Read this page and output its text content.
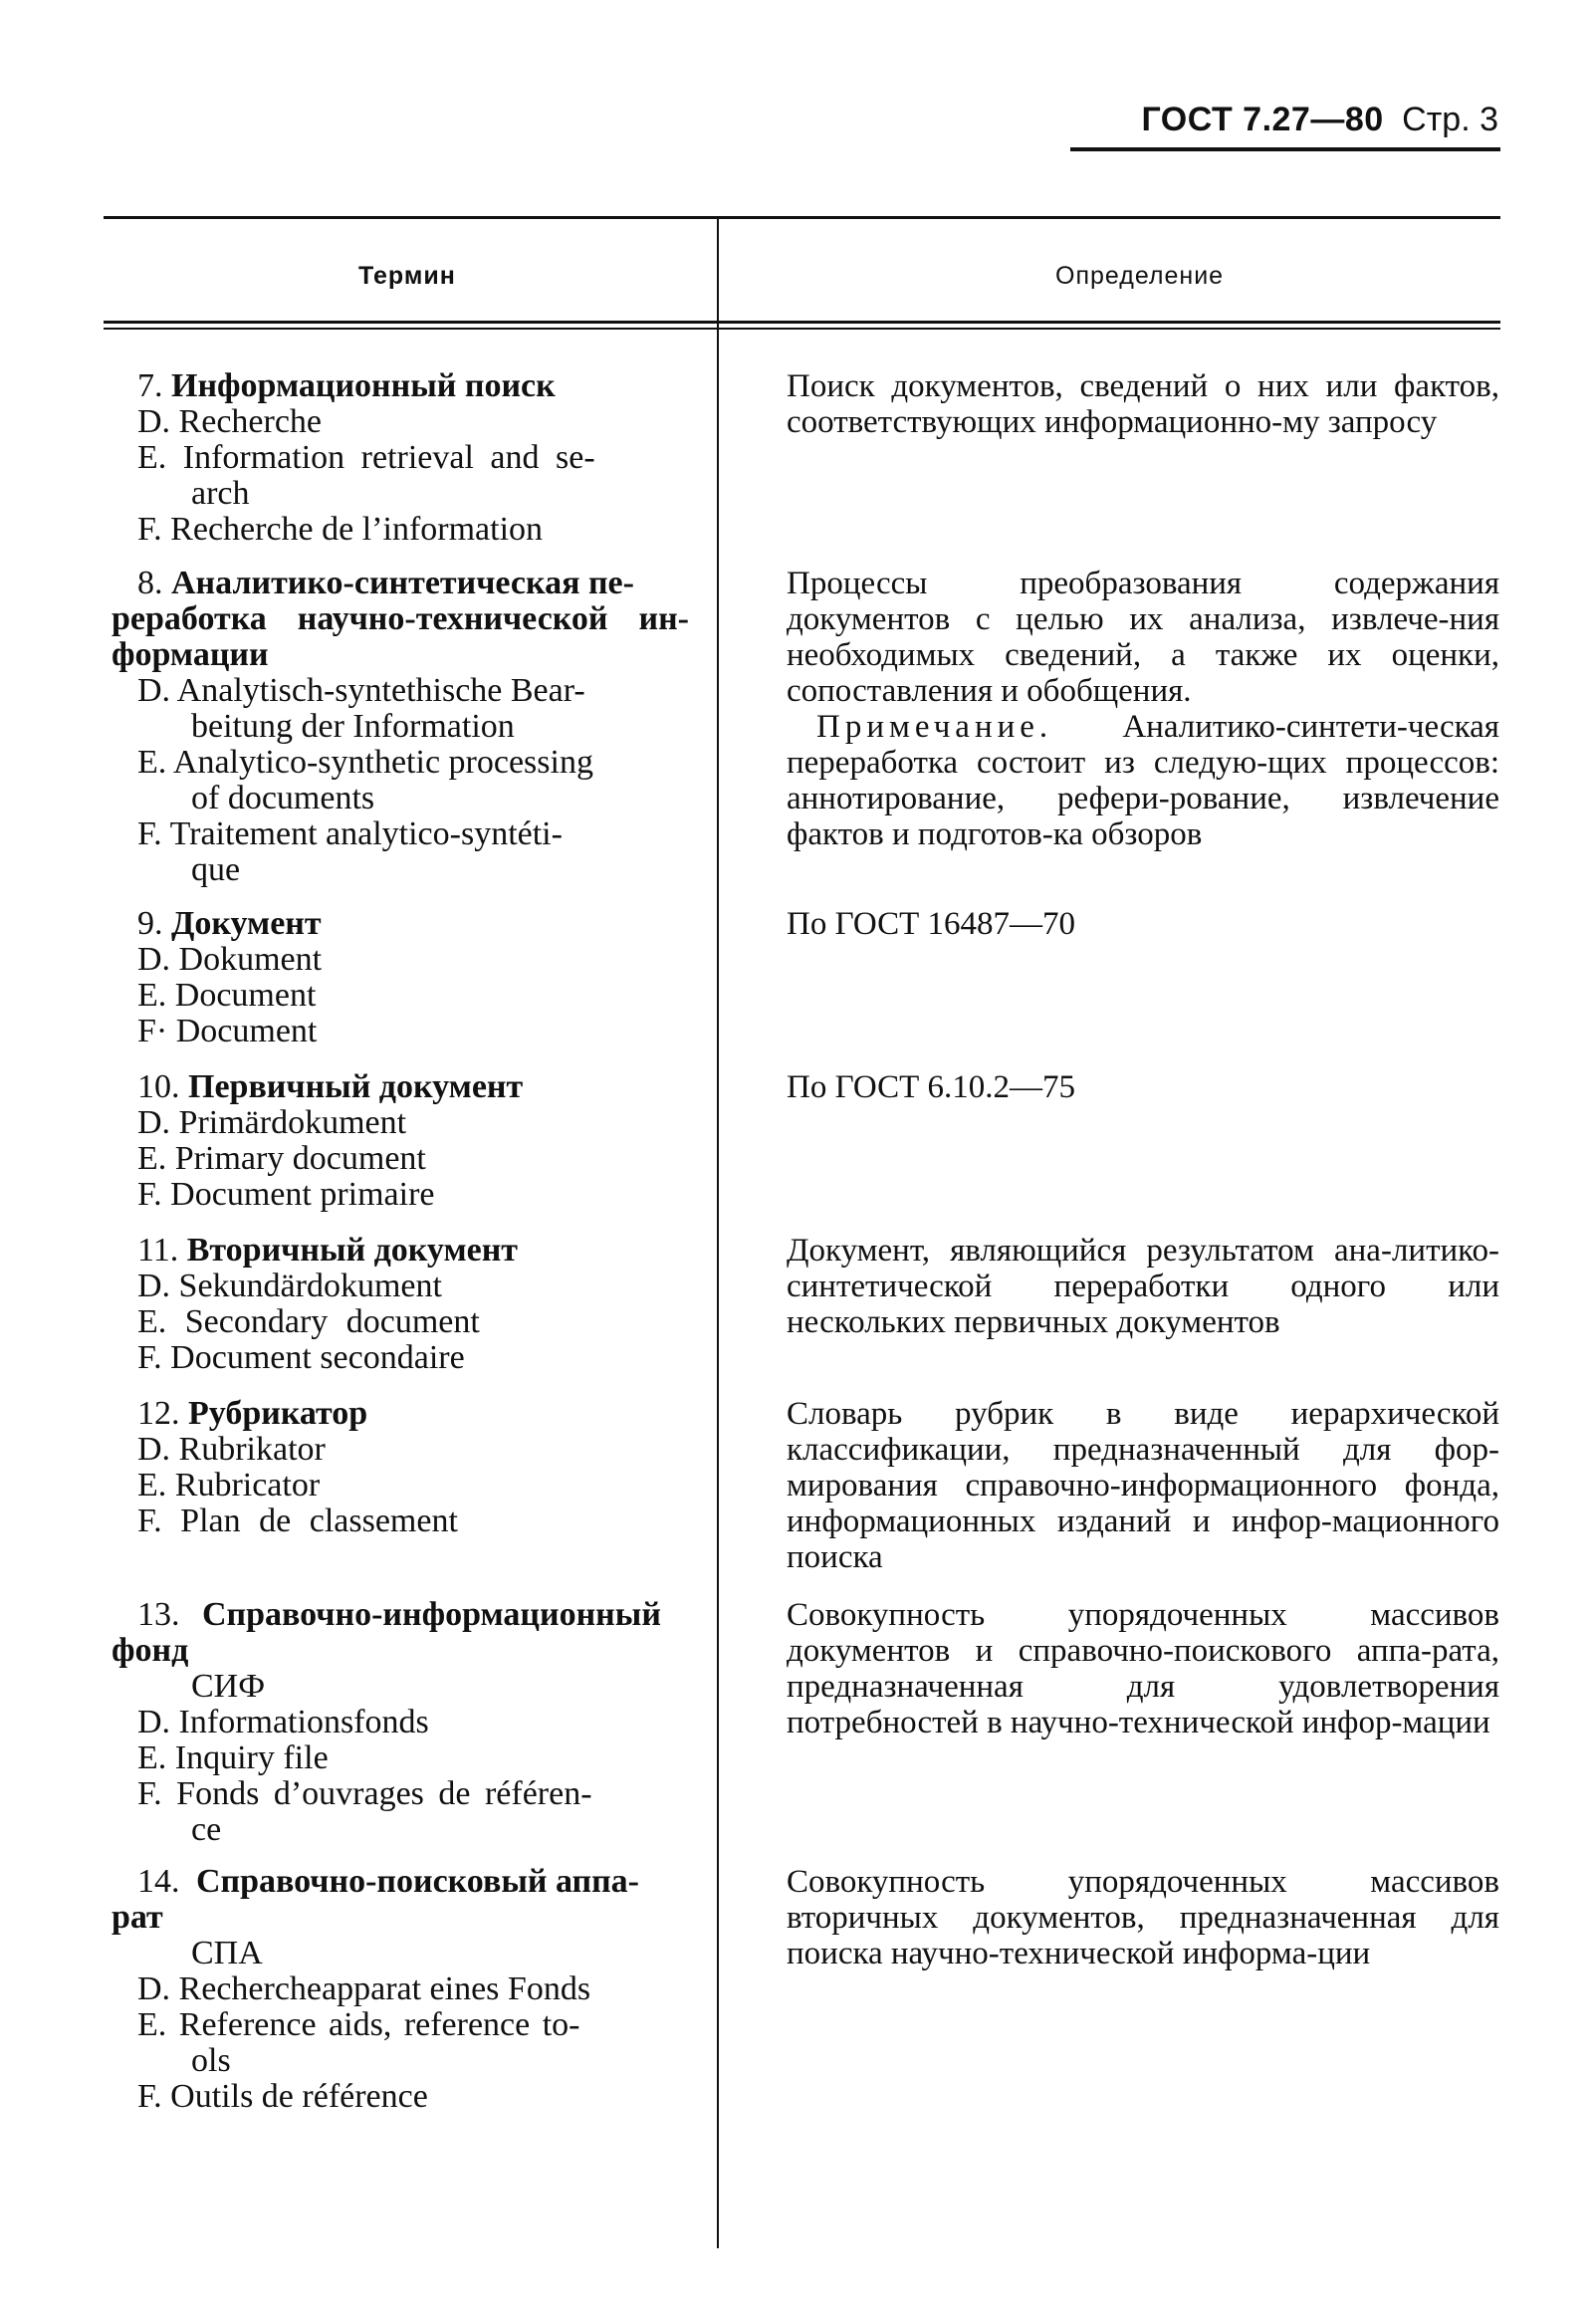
ГОСТ 7.27—80 Стр. 3
Термин	Определение
7. Информационный поиск
D. Recherche
E. Information retrieval and se-
arch
F. Recherche de l’information
Поиск документов, сведений о них или фактов, соответствующих информационно-му запросу
8. Аналитико-синтетическая пе-
реработка научно-технической ин-формации
D. Analytisch-syntethische Bear-
beitung der Information
E. Analytico-synthetic processing
of documents
F. Traitement analytico-syntéti-
que
Процессы преобразования содержания документов с целью их анализа, извлече-ния необходимых сведений, а также их оценки, сопоставления и обобщения.
Примечание. Аналитико-синтети-ческая переработка состоит из следую-щих процессов: аннотирование, рефери-рование, извлечение фактов и подготов-ка обзоров
9. Документ
D. Dokument
E. Document
F· Document
По ГОСТ 16487—70
10. Первичный документ
D. Primärdokument
E. Primary document
F. Document primaire
По ГОСТ 6.10.2—75
11. Вторичный документ
D. Sekundärdokument
E. Secondary document
F. Document secondaire
Документ, являющийся результатом ана-литико-синтетической переработки одного или нескольких первичных документов
12. Рубрикатор
D. Rubrikator
E. Rubricator
F. Plan de classement
Словарь рубрик в виде иерархической классификации, предназначенный для фор-мирования справочно-информационного фонда, информационных изданий и инфор-мационного поиска
13. Справочно-информационный
фонд
СИФ
D. Informationsfonds
E. Inquiry file
F. Fonds d’ouvrages de référen-
ce
Совокупность упорядоченных массивов документов и справочно-поискового аппа-рата, предназначенная для удовлетворения потребностей в научно-технической инфор-мации
14. Справочно-поисковый аппа-
рат
СПА
D. Rechercheapparat eines Fonds
E. Reference aids, reference to-
ols
F. Outils de référence
Совокупность упорядоченных массивов вторичных документов, предназначенная для поиска научно-технической информа-ции
